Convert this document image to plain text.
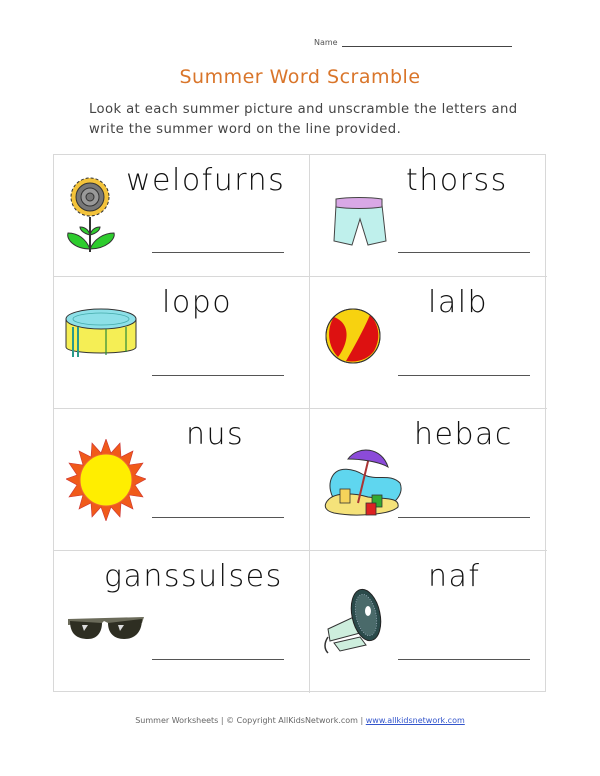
Name
Summer Word Scramble
Look at each summer picture and unscramble the letters and write the summer word on the line provided.
welofurns	thorss
lopo	lalb
nus	hebac
ganssulses	naf
Summer Worksheets | © Copyright AllKidsNetwork.com | www.allkidsnetwork.com
